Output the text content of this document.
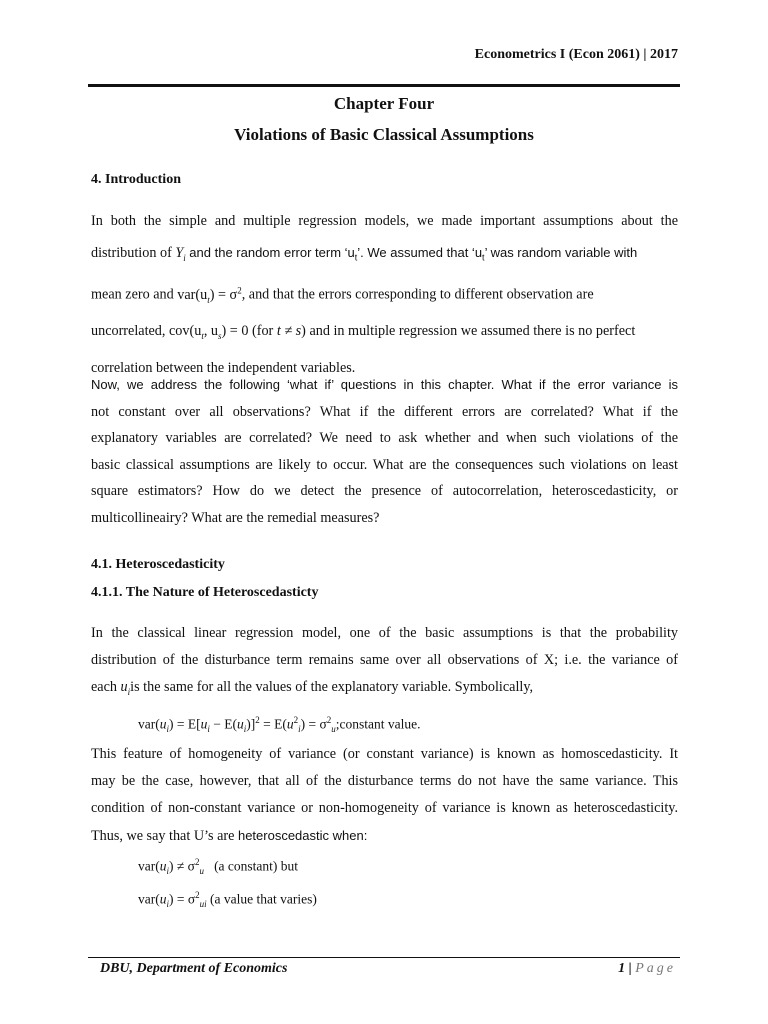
Econometrics I (Econ 2061) | 2017
Chapter Four
Violations of Basic Classical Assumptions
4. Introduction
In both the simple and multiple regression models, we made important assumptions about the
distribution of $Y_i$ and the random error term ‘$u_t$’. We assumed that ‘$u_t$’ was random variable with
mean zero and $var(u_t) = \sigma^2$, and that the errors corresponding to different observation are
uncorrelated, $cov(u_t$, $u_s) = 0$ (for t ≠ s) and in multiple regression we assumed there is no perfect
correlation between the independent variables.
Now, we address the following ‘what if’ questions in this chapter. What if the error variance is
not constant over all observations? What if the different errors are correlated? What if the
explanatory variables are correlated? We need to ask whether and when such violations of the
basic classical assumptions are likely to occur. What are the consequences such violations on least
square estimators? How do we detect the presence of autocorrelation, heteroscedasticity, or
multicollineairy? What are the remedial measures?
4.1. Heteroscedasticity
4.1.1. The Nature of Heteroscedasticty
In the classical linear regression model, one of the basic assumptions is that the probability
distribution of the disturbance term remains same over all observations of X; i.e. the variance of
each $u_iis$ the same for all the values of the explanatory variable. Symbolically,
$var(u_i) = E[u_i - E(u_i)]^2 = E(u^2_i)$ = $\sigma^2_u;constant$ value.
This feature of homogeneity of variance (or constant variance) is known as homoscedasticity. It
may be the case, however, that all of the disturbance terms do not have the same variance. This
condition of non-constant variance or non-homogeneity of variance is known as heteroscedasticity.
Thus, we say that U’s are heteroscedastic when:
$var(u_i) \ne \sigma^2_u$ (a constant) but
$var(u_i) = \sigma^2_{ui}$ (a value that varies)
DBU, Department of Economics	1 | Page
